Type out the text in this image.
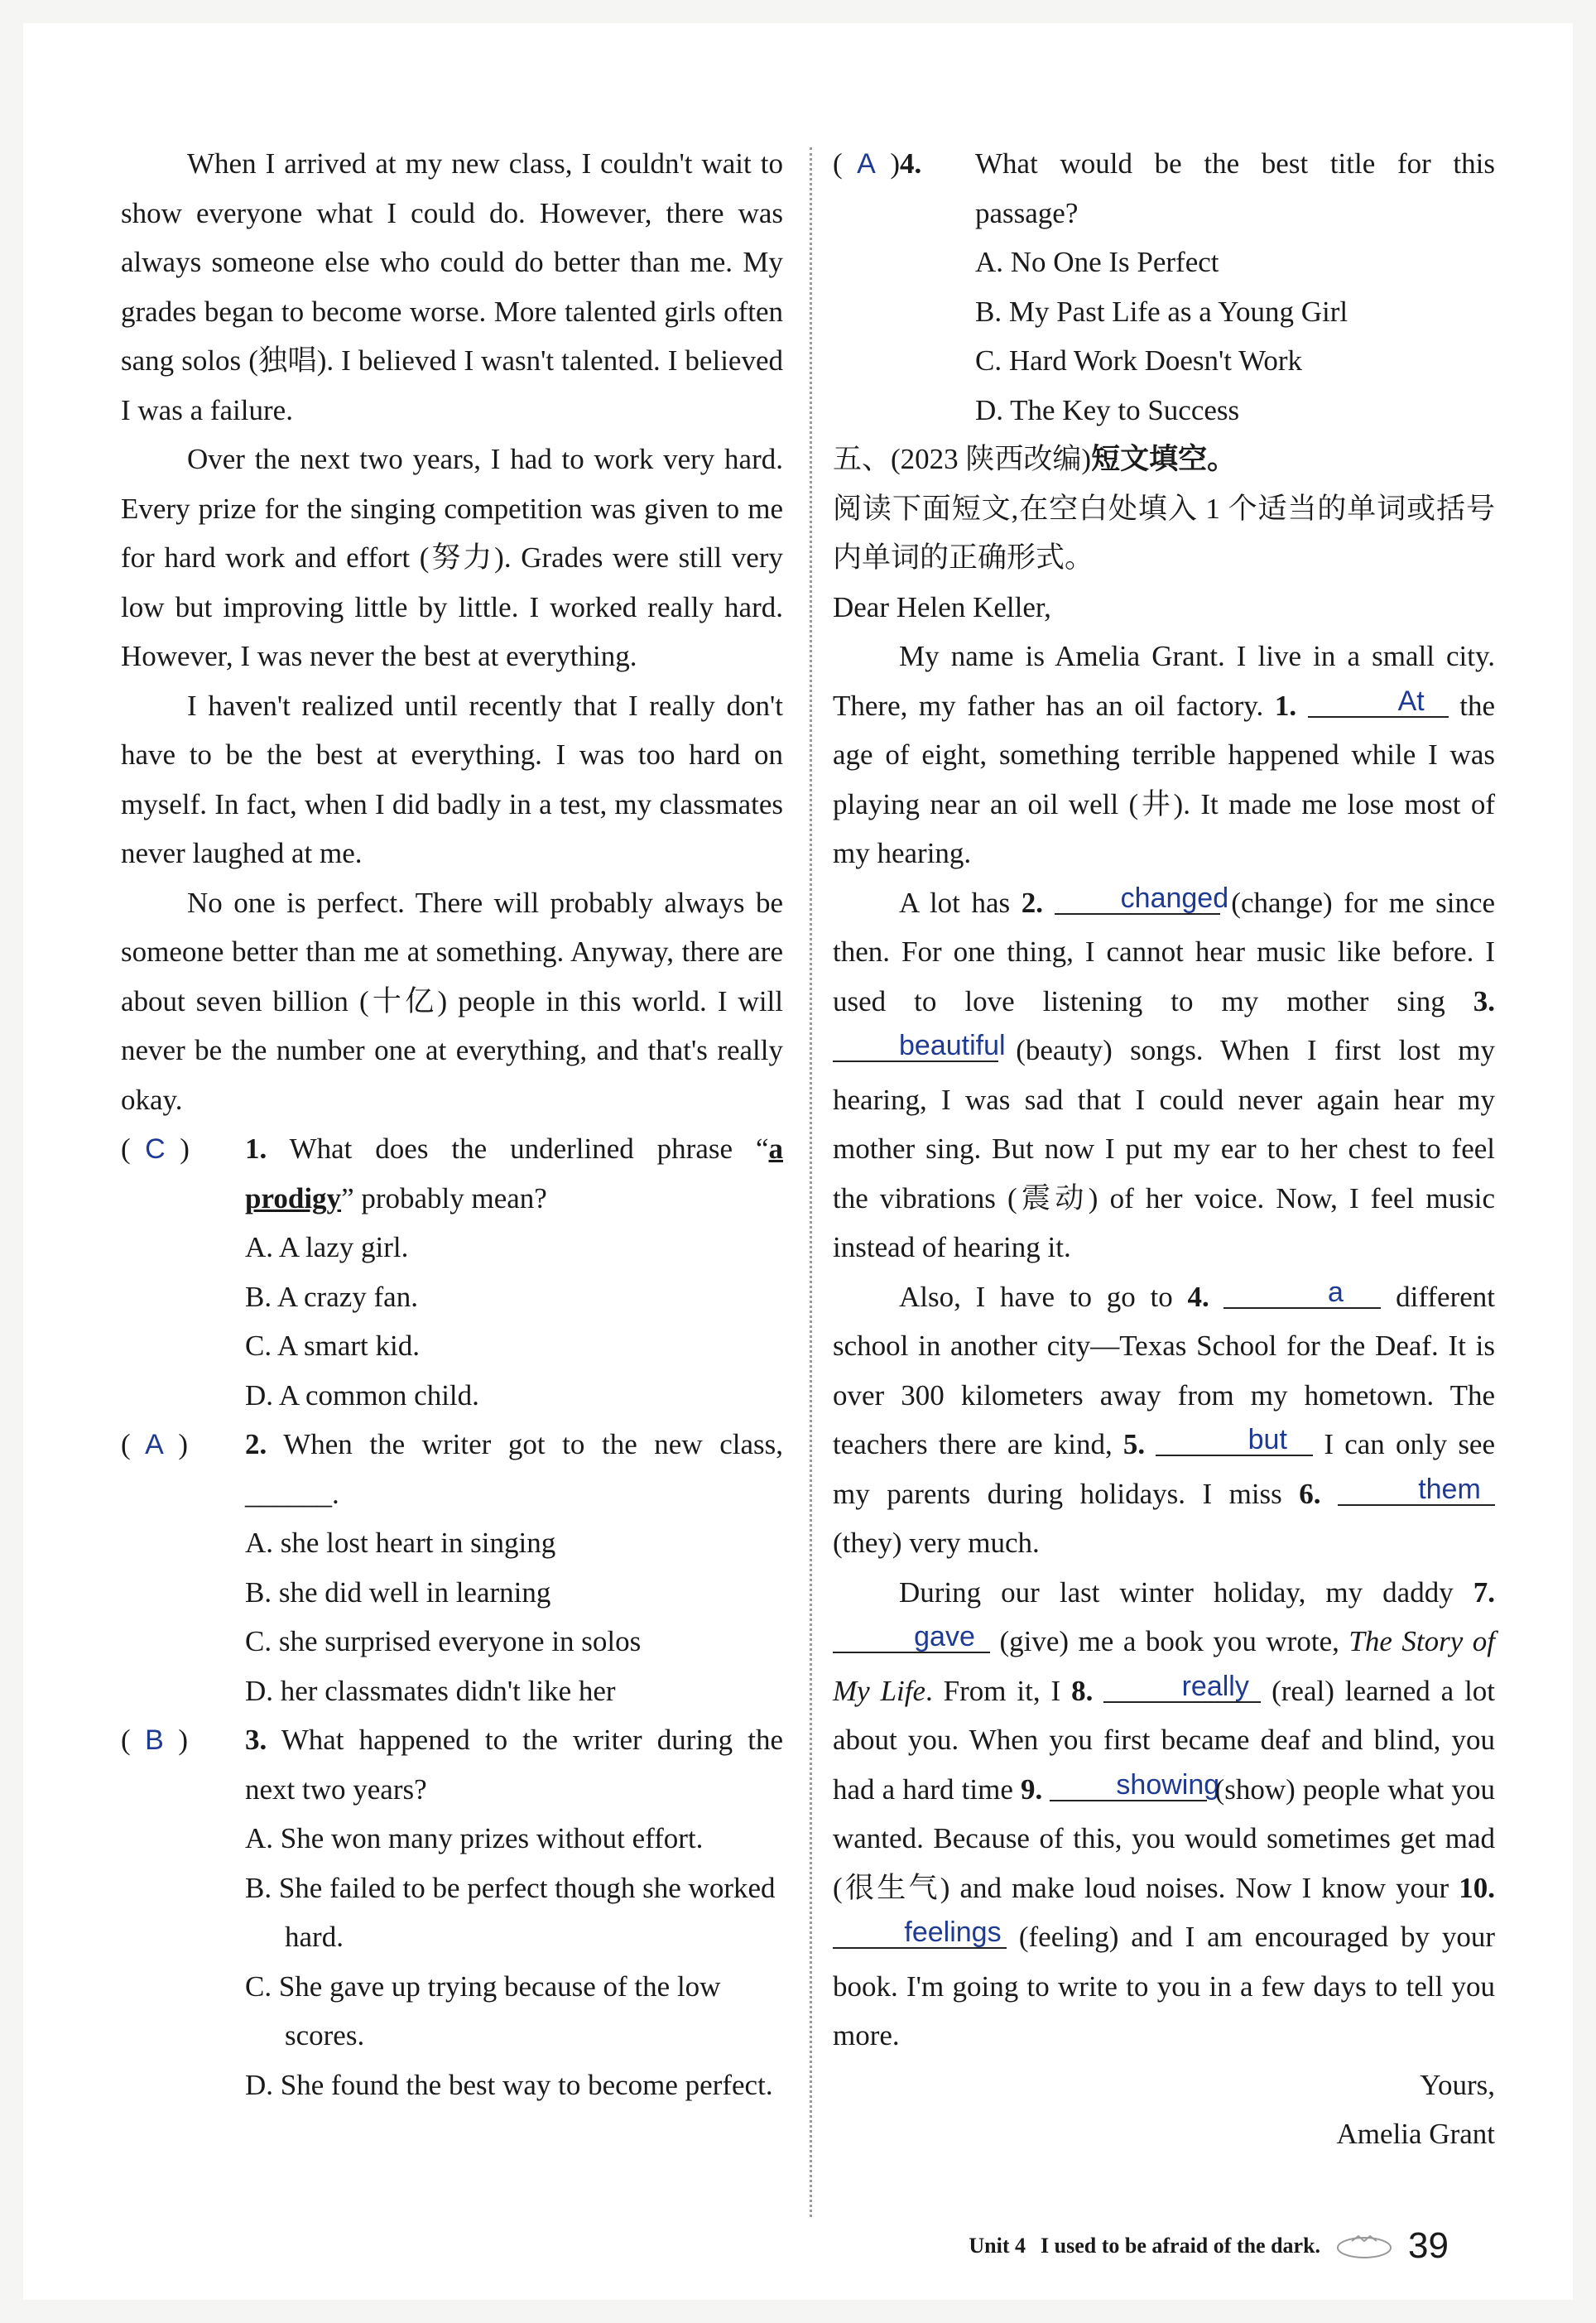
When I arrived at my new class, I couldn't wait to show everyone what I could do. However, there was always someone else who could do better than me. My grades began to become worse. More talented girls often sang solos (独唱). I believed I wasn't talented. I believed I was a failure.

Over the next two years, I had to work very hard. Every prize for the singing competition was given to me for hard work and effort (努力). Grades were still very low but improving little by little. I worked really hard. However, I was never the best at everything.

I haven't realized until recently that I really don't have to be the best at everything. I was too hard on myself. In fact, when I did badly in a test, my classmates never laughed at me.

No one is perfect. There will probably always be someone better than me at something. Anyway, there are about seven billion (十亿) people in this world. I will never be the number one at everything, and that's really okay.

(  C  ) 1. What does the underlined phrase “a prodigy” probably mean?
A. A lazy girl.
B. A crazy fan.
C. A smart kid.
D. A common child.
(  A  ) 2. When the writer got to the new class, ______.
A. she lost heart in singing
B. she did well in learning
C. she surprised everyone in solos
D. her classmates didn't like her
(  B  ) 3. What happened to the writer during the next two years?
A. She won many prizes without effort.
B. She failed to be perfect though she worked hard.
C. She gave up trying because of the low scores.
D. She found the best way to become perfect.
(  A  )4. What would be the best title for this passage?
A. No One Is Perfect
B. My Past Life as a Young Girl
C. Hard Work Doesn't Work
D. The Key to Success
五、(2023 陕西改编)短文填空。

阅读下面短文,在空白处填入 1 个适当的单词或括号内单词的正确形式。

Dear Helen Keller,

My name is Amelia Grant. I live in a small city. There, my father has an oil factory. 1.	At the age of eight, something terrible happened while I was playing near an oil well (井). It made me lose most of my hearing.

A lot has 2.	changed (change) for me since then. For one thing, I cannot hear music like before. I used to love listening to my mother sing 3. beautiful (beauty) songs. When I first lost my hearing, I was sad that I could never again hear my mother sing. But now I put my ear to her chest to feel the vibrations (震动) of her voice. Now, I feel music instead of hearing it.

Also, I have to go to 4.	a different school in another city—Texas School for the Deaf. It is over 300 kilometers away from my hometown. The teachers there are kind, 5.	but I can only see my parents during holidays. I miss 6.	them (they) very much.

During our last winter holiday, my daddy 7. gave (give) me a book you wrote, The Story of My Life. From it, I 8.	really (real) learned a lot about you. When you first became deaf and blind, you had a hard time 9.	showing (show) people what you wanted. Because of this, you would sometimes get mad (很生气) and make loud noises. Now I know your 10. feelings (feeling) and I am encouraged by your book. I'm going to write to you in a few days to tell you more.

Yours,

Amelia Grant

Unit 4 I used to be afraid of the dark. 39
